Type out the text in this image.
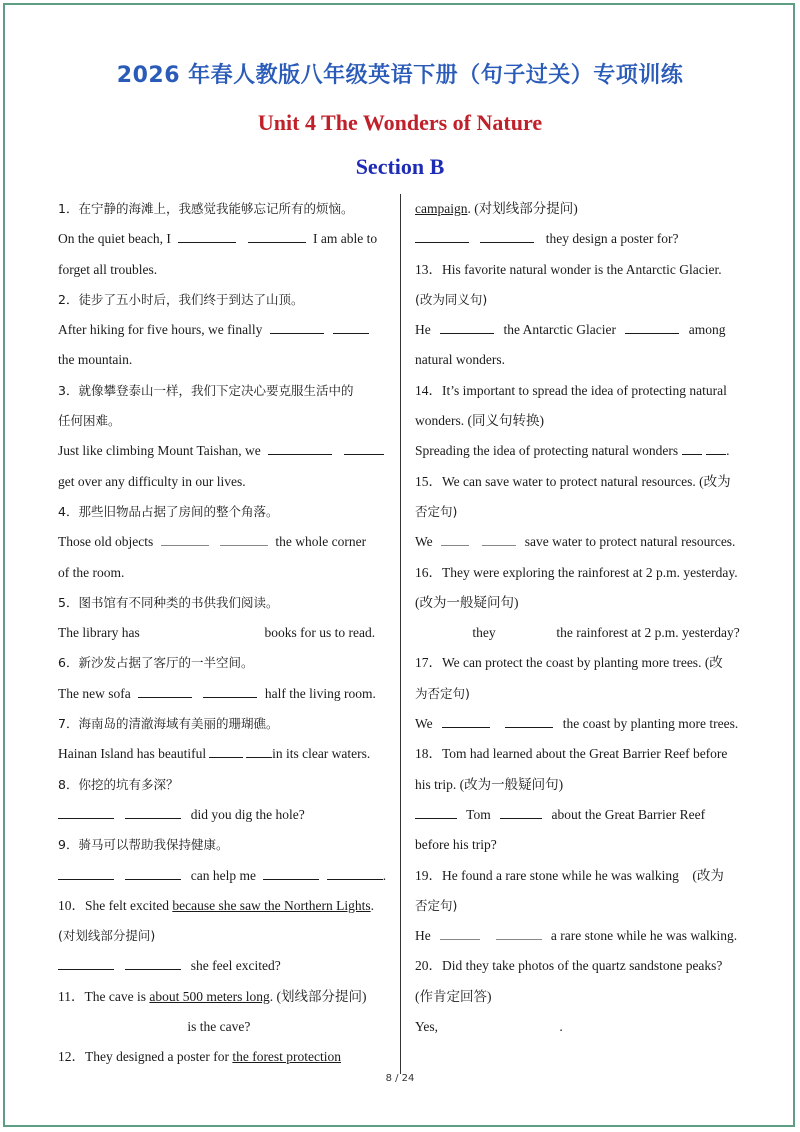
2026 年春人教版八年级英语下册（句子过关）专项训练
Unit 4 The Wonders of Nature
Section B
1．在宁静的海滩上，我感觉我能够忘记所有的烦恼。
On the quiet beach, I	I am able to
forget all troubles.
2．徒步了五小时后，我们终于到达了山顶。
After hiking for five hours, we finally
the mountain.
3．就像攀登泰山一样，我们下定决心要克服生活中的
任何困难。
Just like climbing Mount Taishan, we
get over any difficulty in our lives.
4．那些旧物品占据了房间的整个角落。
Those old objects	the whole corner
of the room.
5．图书馆有不同种类的书供我们阅读。
The library has	books for us to read.
6．新沙发占据了客厅的一半空间。
The new sofa	half the living room.
7．海南岛的清澈海域有美丽的珊瑚礁。
Hainan Island has beautiful	in its clear waters.
8．你挖的坑有多深？
did you dig the hole?
9．骑马可以帮助我保持健康。
can help me	.
10．She felt excited because she saw the Northern Lights.
(对划线部分提问)
she feel excited?
11．The cave is about 500 meters long. (划线部分提问)
is the cave?
12．They designed a poster for the forest protection
campaign. (对划线部分提问)
they design a poster for?
13．His favorite natural wonder is the Antarctic Glacier.
(改为同义句)
He	the Antarctic Glacier	among
natural wonders.
14．It’s important to spread the idea of protecting natural
wonders. (同义句转换)
Spreading the idea of protecting natural wonders	.
15．We can save water to protect natural resources. (改为
否定句)
We	save water to protect natural resources.
16．They were exploring the rainforest at 2 p.m. yesterday.
(改为一般疑问句)
they	the rainforest at 2 p.m. yesterday?
17．We can protect the coast by planting more trees. (改
为否定句)
We	the coast by planting more trees.
18．Tom had learned about the Great Barrier Reef before
his trip. (改为一般疑问句)
Tom	about the Great Barrier Reef
before his trip?
19．He found a rare stone while he was walking　(改为
否定句)
He	a rare stone while he was walking.
20．Did they take photos of the quartz sandstone peaks?
(作肯定回答)
Yes,	.
8 / 24
